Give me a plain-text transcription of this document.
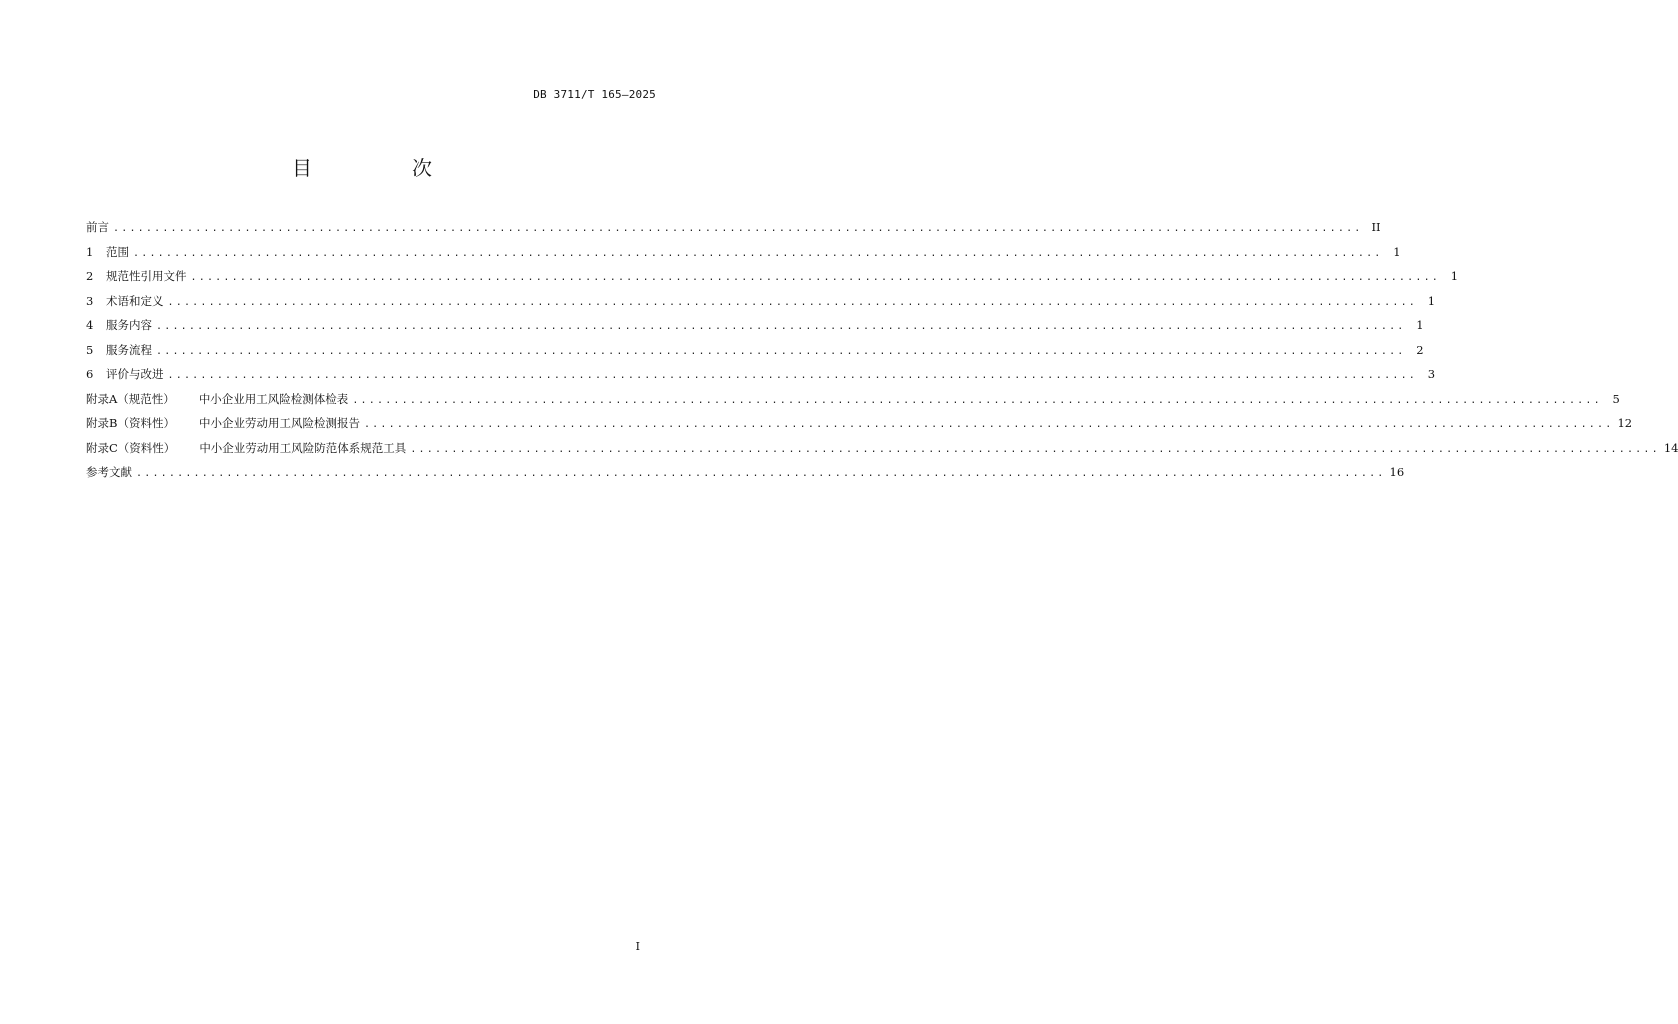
DB 3711/T 165—2025
目　次
前言 ........................................................................................................................................................ II
1 范围 ........................................................................................................................................................ 1
2 规范性引用文件 ........................................................................................................................................................ 1
3 术语和定义 ........................................................................................................................................................ 1
4 服务内容 ........................................................................................................................................................ 1
5 服务流程 ........................................................................................................................................................ 2
6 评价与改进 ........................................................................................................................................................ 3
附录A（规范性） 中小企业用工风险检测体检表 ........................................................................................................................................................ 5
附录B（资料性） 中小企业劳动用工风险检测报告 ........................................................................................................................................................ 12
附录C（资料性） 中小企业劳动用工风险防范体系规范工具 ........................................................................................................................................................ 14
参考文献 ........................................................................................................................................................ 16
I
